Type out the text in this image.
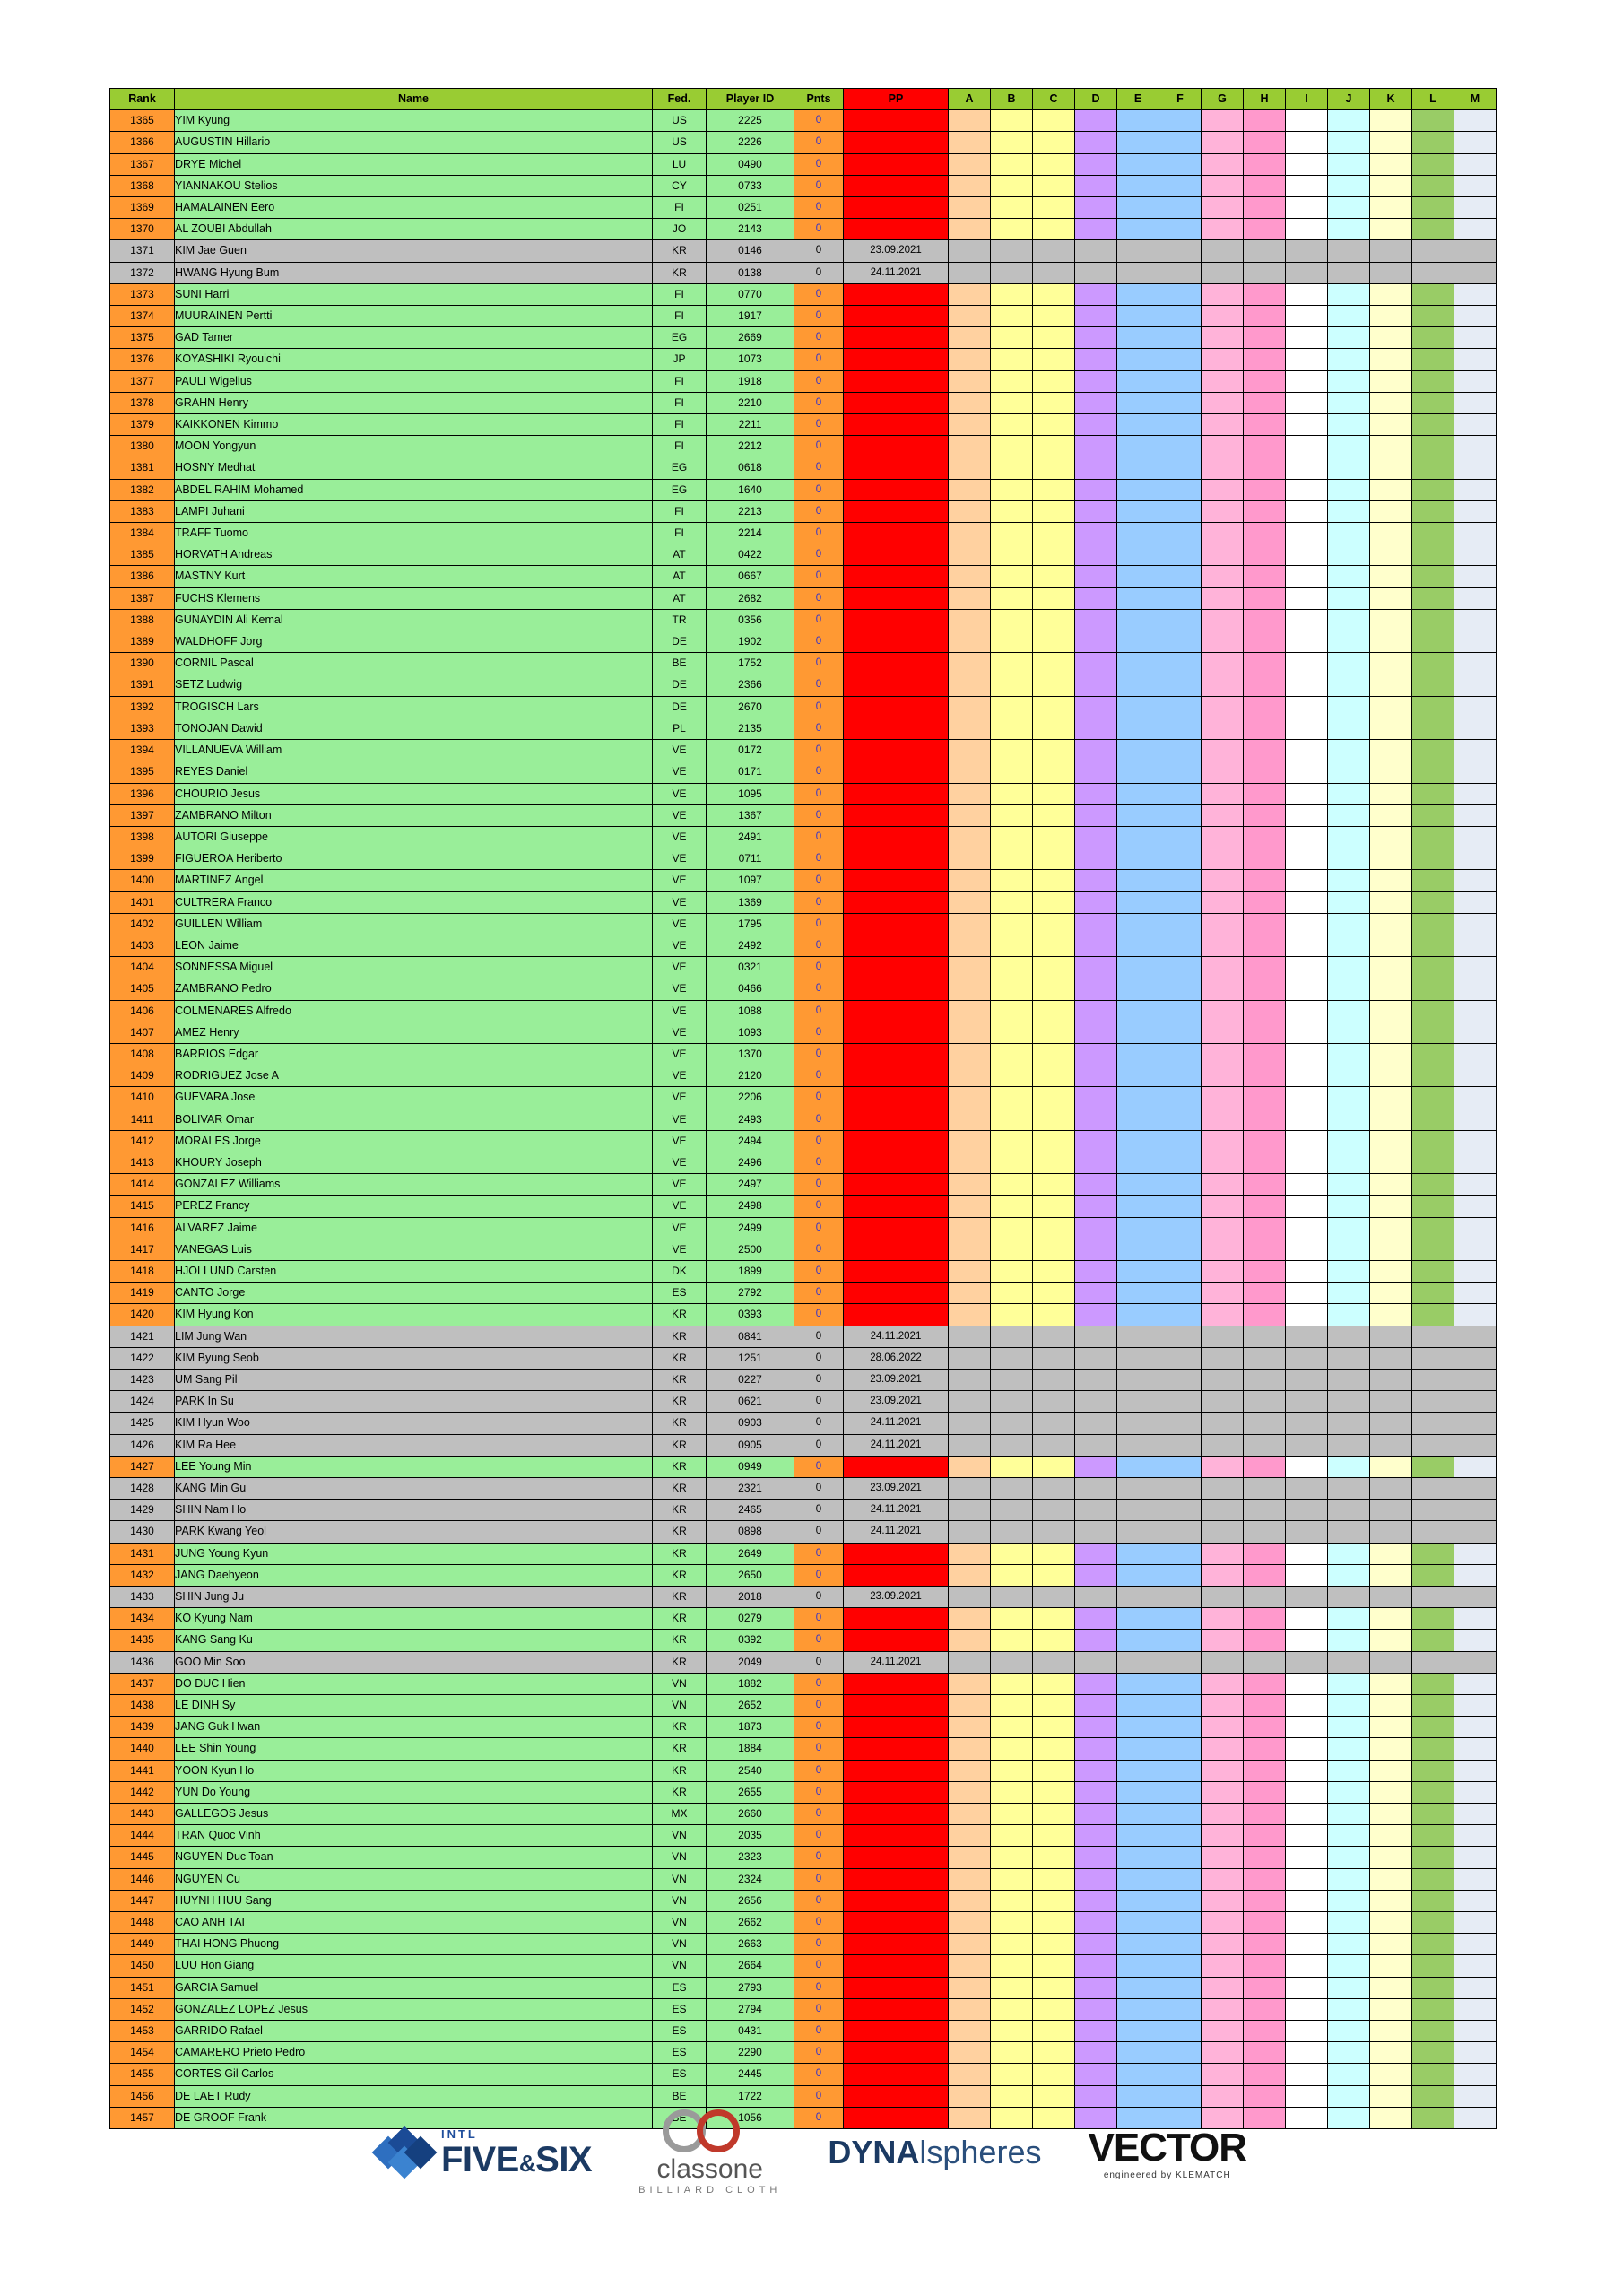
Rank	Name	Fed.	Player ID	Pnts	PP	A	B	C	D	E	F	G	H	I	J	K	L	M
1365	YIM Kyung	US	2225	0														
1366	AUGUSTIN Hillario	US	2226	0														
1367	DRYE Michel	LU	0490	0														
1368	YIANNAKOU Stelios	CY	0733	0														
1369	HAMALAINEN Eero	FI	0251	0														
1370	AL ZOUBI Abdullah	JO	2143	0														
1371	KIM Jae Guen	KR	0146	0	23.09.2021													
1372	HWANG Hyung Bum	KR	0138	0	24.11.2021													
1373	SUNI Harri	FI	0770	0														
1374	MUURAINEN Pertti	FI	1917	0														
1375	GAD Tamer	EG	2669	0														
1376	KOYASHIKI Ryouichi	JP	1073	0														
1377	PAULI Wigelius	FI	1918	0														
1378	GRAHN Henry	FI	2210	0														
1379	KAIKKONEN Kimmo	FI	2211	0														
1380	MOON Yongyun	FI	2212	0														
1381	HOSNY Medhat	EG	0618	0														
1382	ABDEL RAHIM Mohamed	EG	1640	0														
1383	LAMPI Juhani	FI	2213	0														
1384	TRAFF Tuomo	FI	2214	0														
1385	HORVATH Andreas	AT	0422	0														
1386	MASTNY Kurt	AT	0667	0														
1387	FUCHS Klemens	AT	2682	0														
1388	GUNAYDIN Ali Kemal	TR	0356	0														
1389	WALDHOFF Jorg	DE	1902	0														
1390	CORNIL Pascal	BE	1752	0														
1391	SETZ Ludwig	DE	2366	0														
1392	TROGISCH Lars	DE	2670	0														
1393	TONOJAN Dawid	PL	2135	0														
1394	VILLANUEVA William	VE	0172	0														
1395	REYES Daniel	VE	0171	0														
1396	CHOURIO Jesus	VE	1095	0														
1397	ZAMBRANO Milton	VE	1367	0														
1398	AUTORI Giuseppe	VE	2491	0														
1399	FIGUEROA Heriberto	VE	0711	0														
1400	MARTINEZ Angel	VE	1097	0														
1401	CULTRERA Franco	VE	1369	0														
1402	GUILLEN William	VE	1795	0														
1403	LEON Jaime	VE	2492	0														
1404	SONNESSA Miguel	VE	0321	0														
1405	ZAMBRANO Pedro	VE	0466	0														
1406	COLMENARES Alfredo	VE	1088	0														
1407	AMEZ Henry	VE	1093	0														
1408	BARRIOS Edgar	VE	1370	0														
1409	RODRIGUEZ Jose A	VE	2120	0														
1410	GUEVARA Jose	VE	2206	0														
1411	BOLIVAR Omar	VE	2493	0														
1412	MORALES Jorge	VE	2494	0														
1413	KHOURY Joseph	VE	2496	0														
1414	GONZALEZ Williams	VE	2497	0														
1415	PEREZ Francy	VE	2498	0														
1416	ALVAREZ Jaime	VE	2499	0														
1417	VANEGAS Luis	VE	2500	0														
1418	HJOLLUND Carsten	DK	1899	0														
1419	CANTO Jorge	ES	2792	0														
1420	KIM Hyung Kon	KR	0393	0														
1421	LIM Jung Wan	KR	0841	0	24.11.2021													
1422	KIM Byung Seob	KR	1251	0	28.06.2022													
1423	UM Sang Pil	KR	0227	0	23.09.2021													
1424	PARK In Su	KR	0621	0	23.09.2021													
1425	KIM Hyun Woo	KR	0903	0	24.11.2021													
1426	KIM Ra Hee	KR	0905	0	24.11.2021													
1427	LEE Young Min	KR	0949	0														
1428	KANG Min Gu	KR	2321	0	23.09.2021													
1429	SHIN Nam Ho	KR	2465	0	24.11.2021													
1430	PARK Kwang Yeol	KR	0898	0	24.11.2021													
1431	JUNG Young Kyun	KR	2649	0														
1432	JANG Daehyeon	KR	2650	0														
1433	SHIN Jung Ju	KR	2018	0	23.09.2021													
1434	KO Kyung Nam	KR	0279	0														
1435	KANG Sang Ku	KR	0392	0														
1436	GOO Min Soo	KR	2049	0	24.11.2021													
1437	DO DUC Hien	VN	1882	0														
1438	LE DINH Sy	VN	2652	0														
1439	JANG Guk Hwan	KR	1873	0														
1440	LEE Shin Young	KR	1884	0														
1441	YOON Kyun Ho	KR	2540	0														
1442	YUN Do Young	KR	2655	0														
1443	GALLEGOS Jesus	MX	2660	0														
1444	TRAN Quoc Vinh	VN	2035	0														
1445	NGUYEN Duc Toan	VN	2323	0														
1446	NGUYEN Cu	VN	2324	0														
1447	HUYNH HUU Sang	VN	2656	0														
1448	CAO ANH TAI	VN	2662	0														
1449	THAI HONG Phuong	VN	2663	0														
1450	LUU Hon Giang	VN	2664	0														
1451	GARCIA Samuel	ES	2793	0														
1452	GONZALEZ LOPEZ Jesus	ES	2794	0														
1453	GARRIDO Rafael	ES	0431	0														
1454	CAMARERO Prieto Pedro	ES	2290	0														
1455	CORTES Gil Carlos	ES	2445	0														
1456	DE LAET Rudy	BE	1722	0														
1457	DE GROOF Frank	BE	1056	0														
INTL
FIVE&SIX classone
BILLIARD CLOTH
DYNAlspheres VECTOR
engineered by KLEMATCH
